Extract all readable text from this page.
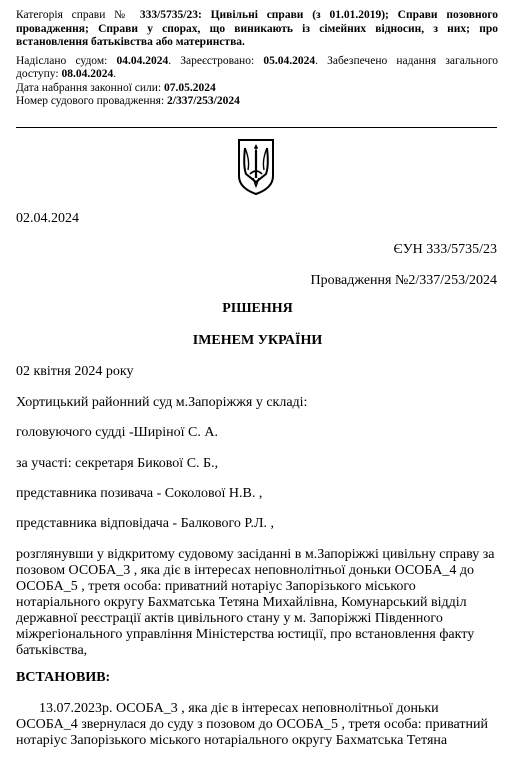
Категорія справи № 333/5735/23: Цивільні справи (з 01.01.2019); Справи позовного провадження; Справи у спорах, що виникають із сімейних відносин, з них; про встановлення батьківства або материнства.

Надіслано судом: 04.04.2024. Зареєстровано: 05.04.2024. Забезпечено надання загального доступу: 08.04.2024.

Дата набрання законної сили: 07.05.2024

Номер судового провадження: 2/337/253/2024

02.04.2024

ЄУН 333/5735/23

Провадження №2/337/253/2024

РІШЕННЯ

ІМЕНЕМ УКРАЇНИ

02 квітня 2024 року

Хортицький районний суд м.Запоріжжя у складі:

головуючого судді -Ширіної С. А.

за участі: секретаря Бикової С. Б.,

представника позивача - Соколової Н.В. ,

представника відповідача - Балкового Р.Л. ,

розглянувши у відкритому судовому засіданні в м.Запоріжжі цивільну справу за позовом ОСОБА_3 , яка діє в інтересах неповнолітньої доньки ОСОБА_4 до ОСОБА_5 , третя особа: приватний нотаріус Запорізького міського нотаріального округу Бахматська Тетяна Михайлівна, Комунарський відділ державної реєстрації актів цивільного стану у м. Запоріжжі Південного міжрегіонального управління Міністерства юстиції, про встановлення факту батьківства,

ВСТАНОВИВ:

13.07.2023р. ОСОБА_3 , яка діє в інтересах неповнолітньої доньки ОСОБА_4 звернулася до суду з позовом до ОСОБА_5 , третя особа: приватний нотаріус Запорізького міського нотаріального округу Бахматська Тетяна
